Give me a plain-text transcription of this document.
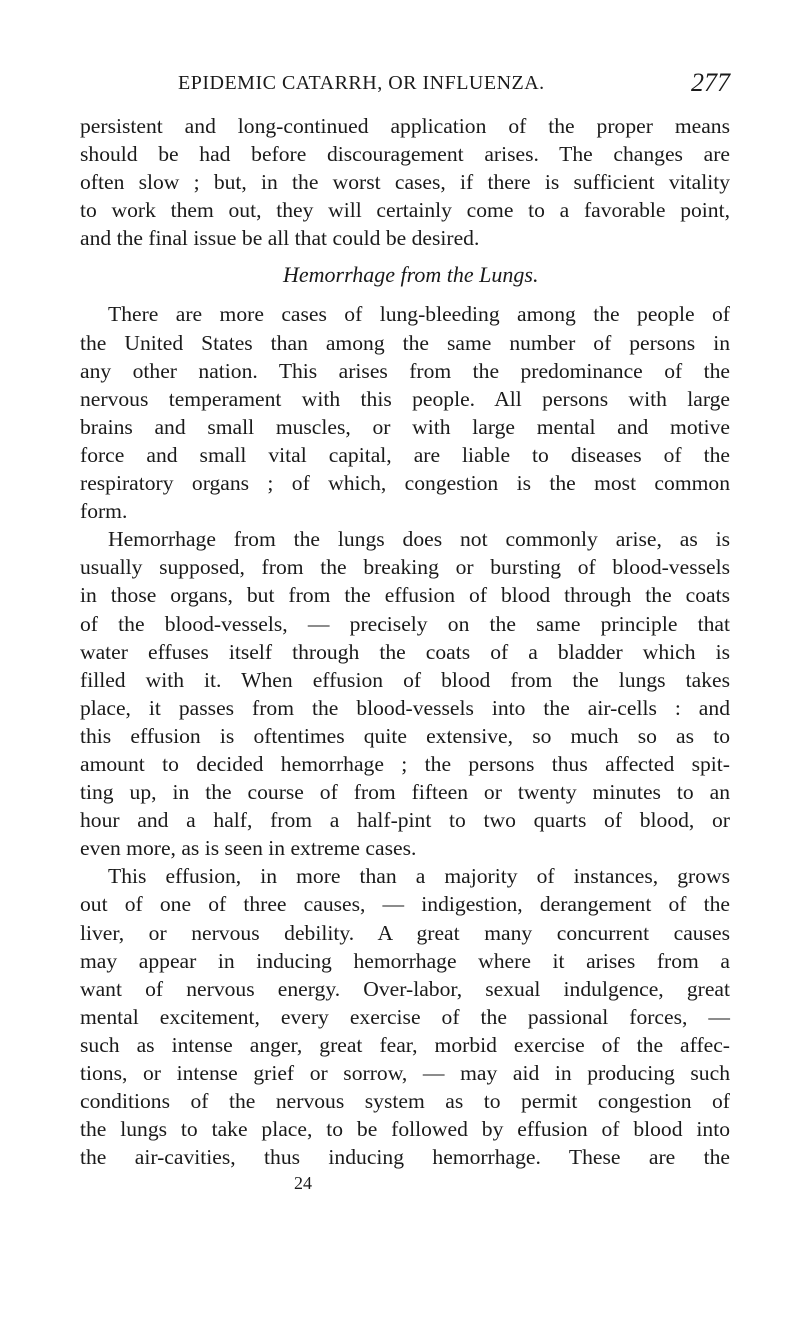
EPIDEMIC CATARRH, OR INFLUENZA.	277
persistent and long-continued application of the proper means
should be had before discouragement arises. The changes are
often slow ; but, in the worst cases, if there is sufficient vitality
to work them out, they will certainly come to a favorable point,
and the final issue be all that could be desired.
Hemorrhage from the Lungs.
There are more cases of lung-bleeding among the people of
the United States than among the same number of persons in
any other nation. This arises from the predominance of the
nervous temperament with this people. All persons with large
brains and small muscles, or with large mental and motive
force and small vital capital, are liable to diseases of the
respiratory organs ; of which, congestion is the most common
form.
Hemorrhage from the lungs does not commonly arise, as is
usually supposed, from the breaking or bursting of blood-vessels
in those organs, but from the effusion of blood through the coats
of the blood-vessels, — precisely on the same principle that
water effuses itself through the coats of a bladder which is
filled with it. When effusion of blood from the lungs takes
place, it passes from the blood-vessels into the air-cells : and
this effusion is oftentimes quite extensive, so much so as to
amount to decided hemorrhage ; the persons thus affected spit-
ting up, in the course of from fifteen or twenty minutes to an
hour and a half, from a half-pint to two quarts of blood, or
even more, as is seen in extreme cases.
This effusion, in more than a majority of instances, grows
out of one of three causes, — indigestion, derangement of the
liver, or nervous debility. A great many concurrent causes
may appear in inducing hemorrhage where it arises from a
want of nervous energy. Over-labor, sexual indulgence, great
mental excitement, every exercise of the passional forces, —
such as intense anger, great fear, morbid exercise of the affec-
tions, or intense grief or sorrow, — may aid in producing such
conditions of the nervous system as to permit congestion of
the lungs to take place, to be followed by effusion of blood into
the air-cavities, thus inducing hemorrhage. These are the
24
